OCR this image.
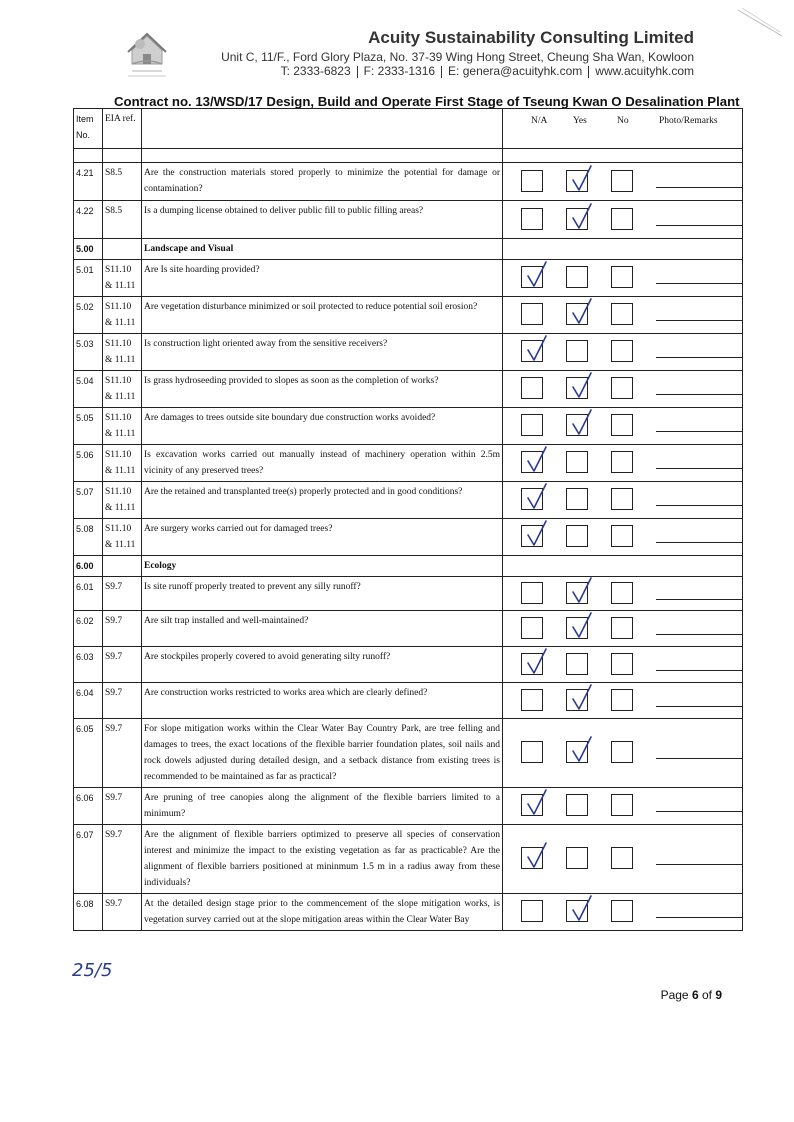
Acuity Sustainability Consulting Limited
Unit C, 11/F., Ford Glory Plaza, No. 37-39 Wing Hong Street, Cheung Sha Wan, Kowloon
T: 2333-6823 F: 2333-1316 E: genera@acuityhk.com www.acuityhk.com
Contract no. 13/WSD/17 Design, Build and Operate First Stage of Tseung Kwan O Desalination Plant
Item No.	EIA ref.		N/A Yes No Photo/Remarks

4.21	S8.5	Are the construction materials stored properly to minimize the potential for damage or contamination?	

4.22	S8.5	Is a dumping license obtained to deliver public fill to public filling areas?	

5.00		Landscape and Visual	
5.01	S11.10 & 11.11	Are Is site hoarding provided?	

5.02	S11.10 & 11.11	Are vegetation disturbance minimized or soil protected to reduce potential soil erosion?	

5.03	S11.10 & 11.11	Is construction light oriented away from the sensitive receivers?	

5.04	S11.10 & 11.11	Is grass hydroseeding provided to slopes as soon as the completion of works?	

5.05	S11.10 & 11.11	Are damages to trees outside site boundary due construction works avoided?	

5.06	S11.10 & 11.11	Is excavation works carried out manually instead of machinery operation within 2.5m vicinity of any preserved trees?	

5.07	S11.10 & 11.11	Are the retained and transplanted tree(s) properly protected and in good conditions?	

5.08	S11.10 & 11.11	Are surgery works carried out for damaged trees?	

6.00		Ecology	
6.01	S9.7	Is site runoff properly treated to prevent any silly runoff?	

6.02	S9.7	Are silt trap installed and well-maintained?	

6.03	S9.7	Are stockpiles properly covered to avoid generating silty runoff?	

6.04	S9.7	Are construction works restricted to works area which are clearly defined?	

6.05	S9.7	For slope mitigation works within the Clear Water Bay Country Park, are tree felling and damages to trees, the exact locations of the flexible barrier foundation plates, soil nails and rock dowels adjusted during detailed design, and a setback distance from existing trees is recommended to be maintained as far as practical?	

6.06	S9.7	Are pruning of tree canopies along the alignment of the flexible barriers limited to a minimum?	

6.07	S9.7	Are the alignment of flexible barriers optimized to preserve all species of conservation interest and minimize the impact to the existing vegetation as far as practicable? Are the alignment of flexible barriers positioned at mininmum 1.5 m in a radius away from these individuals?	

6.08	S9.7	At the detailed design stage prior to the commencement of the slope mitigation works, is vegetation survey carried out at the slope mitigation areas within the Clear Water Bay	
25/5
Page 6 of 9
